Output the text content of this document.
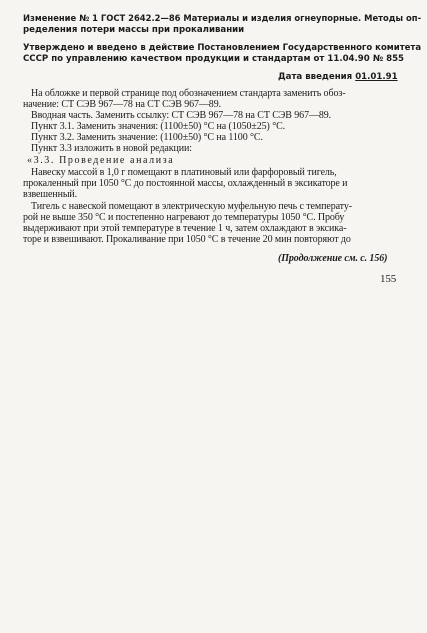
Изменение № 1 ГОСТ 2642.2—86 Материалы и изделия огнеупорные. Методы оп-
ределения потери массы при прокаливании
Утверждено и введено в действие Постановлением Государственного комитета
СССР по управлению качеством продукции и стандартам от 11.04.90 № 855
Дата введения 01.01.91
На обложке и первой странице под обозначением стандарта заменить обоз-
начение: СТ СЭВ 967—78 на СТ СЭВ 967—89.
Вводная часть. Заменить ссылку: СТ СЭВ 967—78 на СТ СЭВ 967—89.
Пункт 3.1. Заменить значения: (1100±50) °С на (1050±25) °С.
Пункт 3.2. Заменить значение: (1100±50) °С на 1100 °С.
Пункт 3.3 изложить в новой редакции:
«3.3. Проведение анализа
Навеску массой в 1,0 г помещают в платиновый или фарфоровый тигель,
прокаленный при 1050 °С до постоянной массы, охлажденный в эксикаторе и
взвешенный.
Тигель с навеской помещают в электрическую муфельную печь с температу-
рой не выше 350 °С и постепенно нагревают до температуры 1050 °С. Пробу
выдерживают при этой температуре в течение 1 ч, затем охлаждают в эксика-
торе и взвешивают. Прокаливание при 1050 °С в течение 20 мин повторяют до
(Продолжение см. с. 156)
155
